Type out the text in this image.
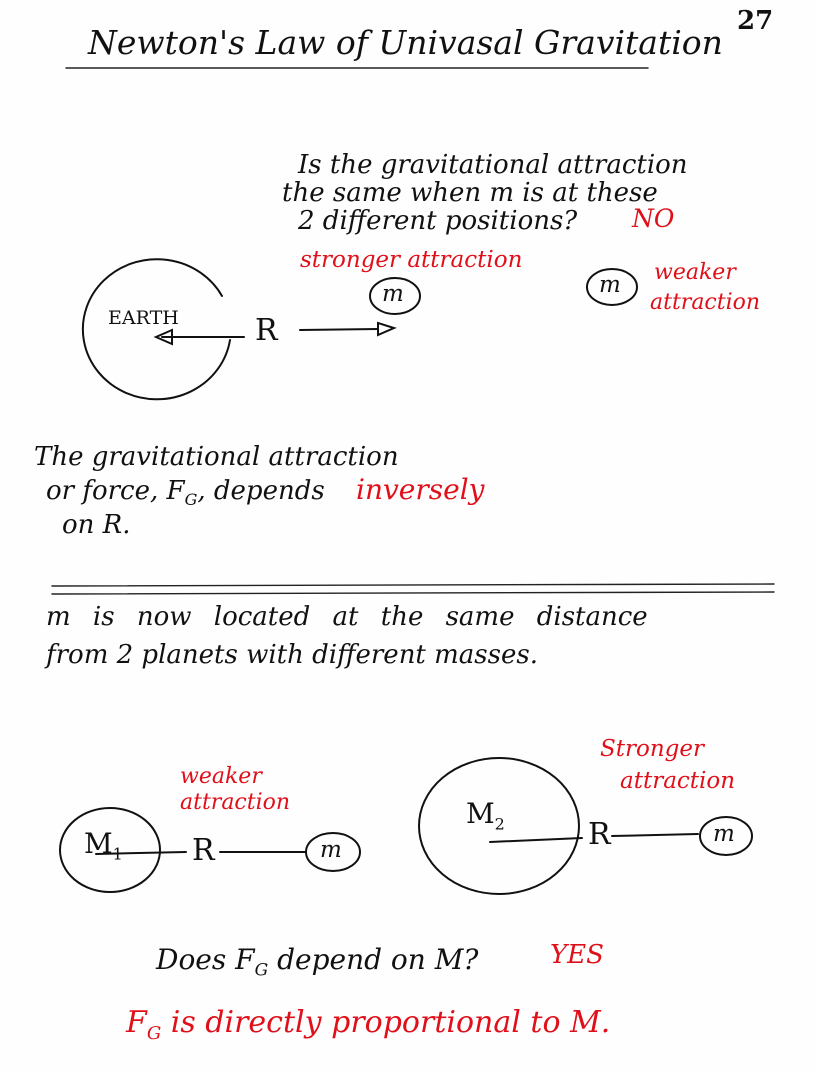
Newton's Law of Univasal Gravitation
27
Is the gravitational attraction
the same when m is at these
2 different positions? NO
stronger attraction	weaker
attraction
EARTH	R
m	m
The gravitational attraction
or force, $F_G$, depends inversely
on R.
m is now located at the same distance
from 2 planets with different masses.
weaker
attraction
Stronger
attraction
$M_1$
$M_2$
R	R
m
m
Does $F_G$ depend on M?	YES
$F_G$ is directly proportional to M.
